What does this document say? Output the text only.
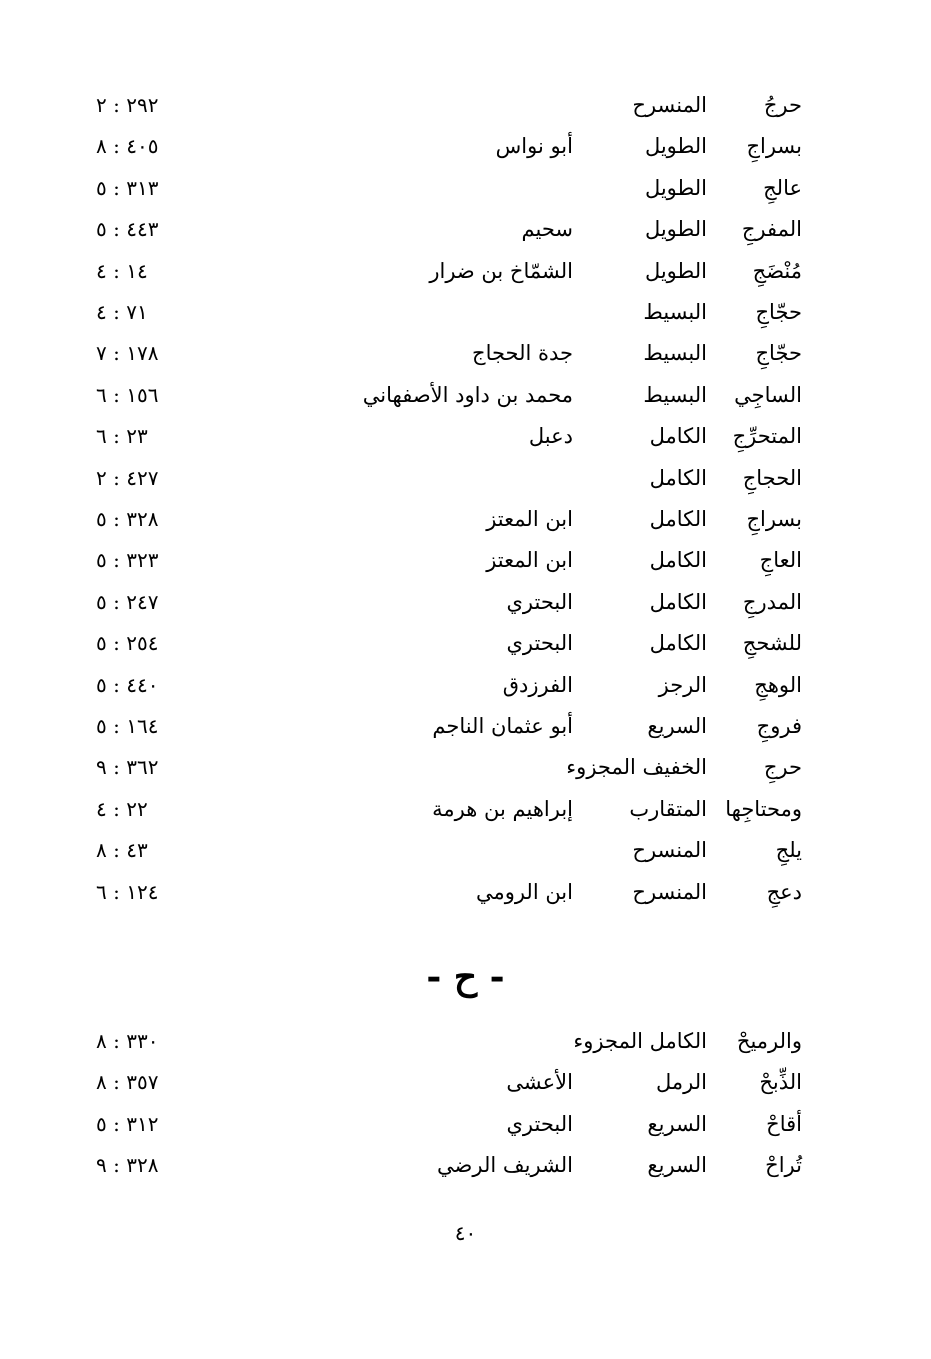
حرجُ
المنسرح
٢٩٢ : ٢
بسراجِ
الطويل
أبو نواس
٤٠٥ : ٨
عالجِ
الطويل
٣١٣ : ٥
المفرجِ
الطويل
سحيم
٤٤٣ : ٥
مُنْضَجِ
الطويل
الشمّاخ بن ضرار
١٤ : ٤
حجّاجِ
البسيط
٧١ : ٤
حجّاجِ
البسيط
جدة الحجاج
١٧٨ : ٧
الساجِي
البسيط
محمد بن داود الأصفهاني
١٥٦ : ٦
المتحرِّجِ
الكامل
دعبل
٢٣ : ٦
الحجاجِ
الكامل
٤٢٧ : ٢
بسراجِ
الكامل
ابن المعتز
٣٢٨ : ٥
العاجِ
الكامل
ابن المعتز
٣٢٣ : ٥
المدرجِ
الكامل
البحتري
٢٤٧ : ٥
للشحجِ
الكامل
البحتري
٢٥٤ : ٥
الوهجِ
الرجز
الفرزدق
٤٤٠ : ٥
فروجِ
السريع
أبو عثمان الناجم
١٦٤ : ٥
حرجِ
الخفيف المجزوء
٣٦٢ : ٩
ومحتاجِها
المتقارب
إبراهيم بن هرمة
٢٢ : ٤
يلجِ
المنسرح
٤٣ : ٨
دعجِ
المنسرح
ابن الرومي
١٢٤ : ٦
- ح -
والرميحْ
الكامل المجزوء
٣٣٠ : ٨
الذِّبحْ
الرمل
الأعشى
٣٥٧ : ٨
أقاحْ
السريع
البحتري
٣١٢ : ٥
تُراحْ
السريع
الشريف الرضي
٣٢٨ : ٩
٤٠
